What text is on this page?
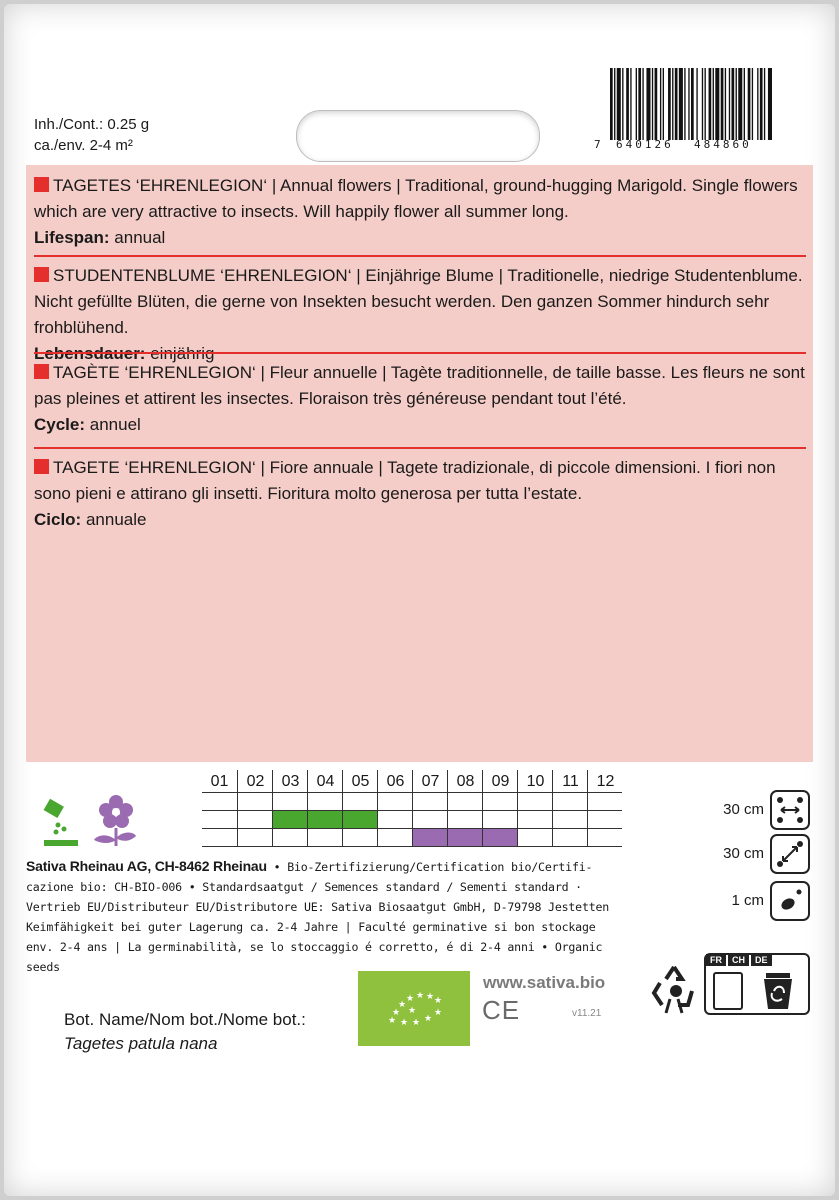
Inh./Cont.: 0.25 g
ca./env. 2-4 m²	7 640126 484860
TAGETES ‘EHRENLEGION‘ | Annual flowers | Traditional, ground-hugging Marigold. Single flowers which are very attractive to insects. Will happily flower all summer long.
Lifespan: annual
STUDENTENBLUME ‘EHRENLEGION‘ | Einjährige Blume | Traditionelle, niedrige Studentenblume. Nicht gefüllte Blüten, die gerne von Insekten besucht werden. Den ganzen Sommer hindurch sehr frohblühend.

TAGÈTE ‘EHRENLEGION‘ | Fleur annuelle | Tagète traditionnelle, de taille basse. Les fleurs ne sont pas pleines et attirent les insectes. Floraison très généreuse pendant tout l’été.
Cycle: annuel
TAGETE ‘EHRENLEGION‘ | Fiore annuale | Tagete tradizionale, di piccole dimensioni. I fiori non sono pieni e attirano gli insetti. Fioritura molto generosa per tutta l’estate.
Ciclo: annuale
01	02	03	04	05	06	07	08	09	10	11	12
Sativa Rheinau AG, CH-8462 Rheinau • Bio-Zertifizierung/Certification bio/Certifi-
cazione bio: CH-BIO-006 • Standardsaatgut / Semences standard / Sementi standard ·
Vertrieb EU/Distributeur EU/Distributore UE: Sativa Biosaatgut GmbH, D-79798 Jestetten
Keimfähigkeit bei guter Lagerung ca. 2-4 Jahre | Faculté germinative si bon stockage
env. 2-4 ans | La germinabilità, se lo stoccaggio é corretto, é di 2-4 anni • Organic seeds
30 cm
30 cm
1 cm
★
★
★ ★ ★ ★
★ ★ ★ ★
★
★
www.sativa.bio
CE	v11.21
FR	CH	DE
Bot. Name/Nom bot./Nome bot.:
Tagetes patula nana
